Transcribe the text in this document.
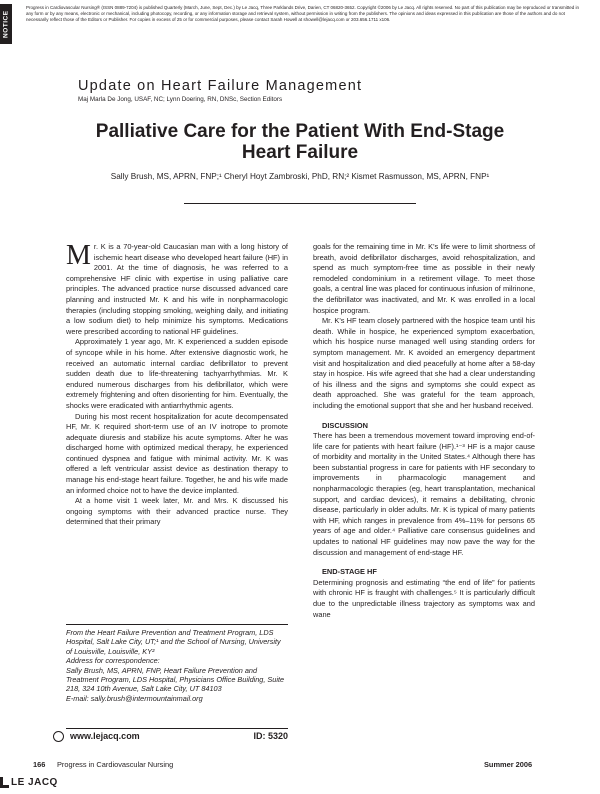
NOTICE
Progress in Cardiovascular Nursing® (ISSN 0889-7204) is published Quarterly (March, June, Sept, Dec.) by Le Jacq, Three Parklands Drive, Darien, CT 06820-3652. Copyright ©2006 by Le Jacq. All rights reserved. No part of this publication may be reproduced or transmitted in any form or by any means, electronic or mechanical, including photocopy, recording, or any information storage and retrieval system, without permission in writing from the publishers. The opinions and ideas expressed in this publication are those of the authors and do not necessarily reflect those of the Editors or Publisher. For copies in excess of 25 or for commercial purposes, please contact Sarah Howell at showell@lejacq.com or 203.656.1711 x106.
Update on Heart Failure Management
Maj Marla De Jong, USAF, NC; Lynn Doering, RN, DNSc, Section Editors
Palliative Care for the Patient With End-Stage
Heart Failure
Sally Brush, MS, APRN, FNP;¹ Cheryl Hoyt Zambroski, PhD, RN;² Kismet Rasmusson, MS, APRN, FNP¹

Mr. K is a 70-year-old Caucasian man with a long history of ischemic heart disease who developed heart failure (HF) in 2001. At the time of diagnosis, he was referred to a comprehensive HF clinic with expertise in using palliative care principles. The advanced practice nurse discussed advanced care planning and instructed Mr. K and his wife in nonpharmacologic therapies (including stopping smoking, weighing daily, and initiating a low sodium diet) to help minimize his symptoms. Medications were prescribed according to national HF guidelines.

Approximately 1 year ago, Mr. K experienced a sudden episode of syncope while in his home. After extensive diagnostic work, he received an automatic internal cardiac defibrillator to prevent sudden death due to life-threatening tachyarrhythmias. Mr. K endured numerous discharges from his defibrillator, which were extremely frightening and often disorienting for him. Eventually, the shocks were eradicated with antiarrhythmic agents.

During his most recent hospitalization for acute decompensated HF, Mr. K required short-term use of an IV inotrope to promote adequate diuresis and stabilize his acute symptoms. After he was discharged home with optimized medical therapy, he experienced continued dyspnea and fatigue with minimal activity. Mr. K was offered a left ventricular assist device as destination therapy to manage his end-stage heart failure. Together, he and his wife made an informed choice not to have the device implanted.

At a home visit 1 week later, Mr. and Mrs. K discussed his ongoing symptoms with their advanced practice nurse. They determined that their primary

From the Heart Failure Prevention and Treatment Program, LDS Hospital, Salt Lake City, UT;¹ and the School of Nursing, University of Louisville, Louisville, KY²
Address for correspondence:
Sally Brush, MS, APRN, FNP, Heart Failure Prevention and Treatment Program, LDS Hospital, Physicians Office Building, Suite 218, 324 10th Avenue, Salt Lake City, UT 84103
E-mail: sally.brush@intermountainmail.org
www.lejacq.com	ID: 5320

goals for the remaining time in Mr. K's life were to limit shortness of breath, avoid defibrillator discharges, avoid rehospitalization, and spend as much symptom-free time as possible in their newly remodeled condominium in a retirement village. To meet those goals, a central line was placed for continuous infusion of milrinone, the defibrillator was inactivated, and Mr. K was enrolled in a local hospice program.

Mr. K's HF team closely partnered with the hospice team until his death. While in hospice, he experienced symptom exacerbation, which his hospice nurse managed well using standing orders for symptom management. Mr. K avoided an emergency department visit and hospitalization and died peacefully at home after a 58-day stay in hospice. His wife agreed that she had a clear understanding of his illness and the signs and symptoms she could expect as death approached. She was grateful for the team approach, including the emotional support that she and her husband received.

DISCUSSION

There has been a tremendous movement toward improving end-of-life care for patients with heart failure (HF).¹⁻³ HF is a major cause of morbidity and mortality in the United States.⁴ Although there has been substantial progress in care for patients with HF secondary to improvements in pharmacologic management and nonpharmacologic therapies (eg, heart transplantation, mechanical support, and cardiac devices), it remains a debilitating, chronic disease, particularly in older adults. Mr. K is typical of many patients with HF, which ranges in prevalence from 4%–11% for persons 65 years of age and older.⁴ Palliative care consensus guidelines and updates to national HF guidelines may now pave the way for the discussion and management of end-stage HF.

END-STAGE HF

Determining prognosis and estimating “the end of life” for patients with chronic HF is fraught with challenges.⁵ It is particularly difficult due to the unpredictable illness trajectory as symptoms wax and wane

166 Progress in Cardiovascular Nursing	Summer 2006
LE JACQ
